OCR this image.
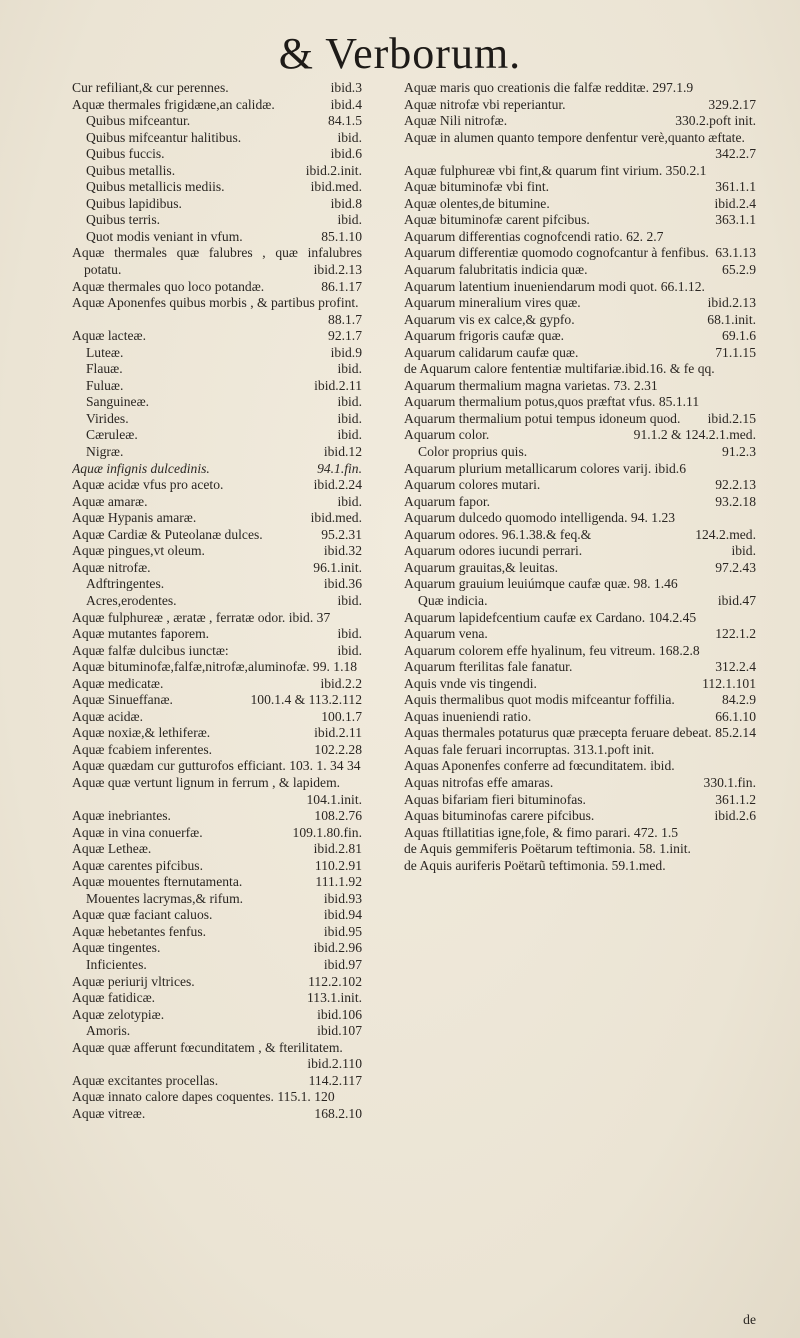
& Verborum.
Cur refiliant,& cur perennes.	ibid.3
Aquæ thermales frigidæne,an calidæ.	ibid.4
Quibus mifceantur.	84.1.5
Quibus mifceantur halitibus.	ibid.
Quibus fuccis.	ibid.6
Quibus metallis.	ibid.2.init.
Quibus metallicis mediis.	ibid.med.
Quibus lapidibus.	ibid.8
Quibus terris.	ibid.
Quot modis veniant in vfum.	85.1.10
Aquæ thermales quæ falubres , quæ infalubres potatu.	ibid.2.13
Aquæ thermales quo loco potandæ.	86.1.17
Aquæ Aponenfes quibus morbis , & partibus profint.
88.1.7
Aquæ lacteæ.	92.1.7
Luteæ.	ibid.9
Flauæ.	ibid.
Fuluæ.	ibid.2.11
Sanguineæ.	ibid.
Virides.	ibid.
Cæruleæ.	ibid.
Nigræ.	ibid.12
Aquæ infignis dulcedinis.	94.1.fin.
Aquæ acidæ vfus pro aceto.	ibid.2.24
Aquæ amaræ.	ibid.
Aquæ Hypanis amaræ.	ibid.med.
Aquæ Cardiæ & Puteolanæ dulces.	95.2.31
Aquæ pingues,vt oleum.	ibid.32
Aquæ nitrofæ.	96.1.init.
Adftringentes.	ibid.36
Acres,erodentes.	ibid.
Aquæ fulphureæ , æratæ , ferratæ odor. ibid. 37
Aquæ mutantes faporem.	ibid.
Aquæ falfæ dulcibus iunctæ:	ibid.
Aquæ bituminofæ,falfæ,nitrofæ,aluminofæ. 99. 1.18
Aquæ medicatæ.	ibid.2.2
Aquæ Sinueffanæ.	100.1.4 & 113.2.112
Aquæ acidæ.	100.1.7
Aquæ noxiæ,& lethiferæ.	ibid.2.11
Aquæ fcabiem inferentes.	102.2.28
Aquæ quædam cur gutturofos efficiant. 103. 1. 34 34
Aquæ quæ vertunt lignum in ferrum , & lapidem.
104.1.init.
Aquæ inebriantes.	108.2.76
Aquæ in vina conuerfæ.	109.1.80.fin.
Aquæ Letheæ.	ibid.2.81
Aquæ carentes pifcibus.	110.2.91
Aquæ mouentes fternutamenta.	111.1.92
Mouentes lacrymas,& rifum.	ibid.93
Aquæ quæ faciant caluos.	ibid.94
Aquæ hebetantes fenfus.	ibid.95
Aquæ tingentes.	ibid.2.96
Inficientes.	ibid.97
Aquæ periurij vltrices.	112.2.102
Aquæ fatidicæ.	113.1.init.
Aquæ zelotypiæ.	ibid.106
Amoris.	ibid.107
Aquæ quæ afferunt fœcunditatem , & fterilitatem.
ibid.2.110
Aquæ excitantes procellas.	114.2.117
Aquæ innato calore dapes coquentes. 115.1. 120
Aquæ vitreæ.	168.2.10
Aquæ maris quo creationis die falfæ redditæ. 297.1.9
Aquæ nitrofæ vbi reperiantur.	329.2.17
Aquæ Nili nitrofæ.	330.2.poft init.
Aquæ in alumen quanto tempore denfentur verè,quanto æftate.
342.2.7
Aquæ fulphureæ vbi fint,& quarum fint virium. 350.2.1
Aquæ bituminofæ vbi fint.	361.1.1
Aquæ olentes,de bitumine.	ibid.2.4
Aquæ bituminofæ carent pifcibus.	363.1.1
Aquarum differentias cognofcendi ratio. 62. 2.7
Aquarum differentiæ quomodo cognofcantur à fenfibus. 63.1.13
Aquarum falubritatis indicia quæ.	65.2.9
Aquarum latentium inueniendarum modi quot. 66.1.12.
Aquarum mineralium vires quæ.	ibid.2.13
Aquarum vis ex calce,& gypfo.	68.1.init.
Aquarum frigoris caufæ quæ.	69.1.6
Aquarum calidarum caufæ quæ.	71.1.15
de Aquarum calore fententiæ multifariæ.ibid.16. & fe qq.
Aquarum thermalium magna varietas. 73. 2.31
Aquarum thermalium potus,quos præftat vfus. 85.1.11
Aquarum thermalium potui tempus idoneum quod. ibid.2.15
Aquarum color.	91.1.2 & 124.2.1.med.
Color proprius quis.	91.2.3
Aquarum plurium metallicarum colores varij. ibid.6
Aquarum colores mutari.	92.2.13
Aquarum fapor.	93.2.18
Aquarum dulcedo quomodo intelligenda. 94. 1.23
Aquarum odores. 96.1.38.& feq.&	124.2.med.
Aquarum odores iucundi perrari.	ibid.
Aquarum grauitas,& leuitas.	97.2.43
Aquarum grauium leuiúmque caufæ quæ. 98. 1.46
Quæ indicia.	ibid.47
Aquarum lapidefcentium caufæ ex Cardano. 104.2.45
Aquarum vena.	122.1.2
Aquarum colorem effe hyalinum, feu vitreum. 168.2.8
Aquarum fterilitas fale fanatur.	312.2.4
Aquis vnde vis tingendi.	112.1.101
Aquis thermalibus quot modis mifceantur foffilia.	84.2.9
Aquas inueniendi ratio.	66.1.10
Aquas thermales potaturus quæ præcepta feruare debeat. 85.2.14
Aquas fale feruari incorruptas. 313.1.poft init.
Aquas Aponenfes conferre ad fœcunditatem. ibid.
Aquas nitrofas effe amaras.	330.1.fin.
Aquas bifariam fieri bituminofas.	361.1.2
Aquas bituminofas carere pifcibus.	ibid.2.6
Aquas ftillatitias igne,fole, & fimo parari. 472. 1.5
de Aquis gemmiferis Poëtarum teftimonia. 58. 1.init.
de Aquis auriferis Poëtarũ teftimonia. 59.1.med.
de
